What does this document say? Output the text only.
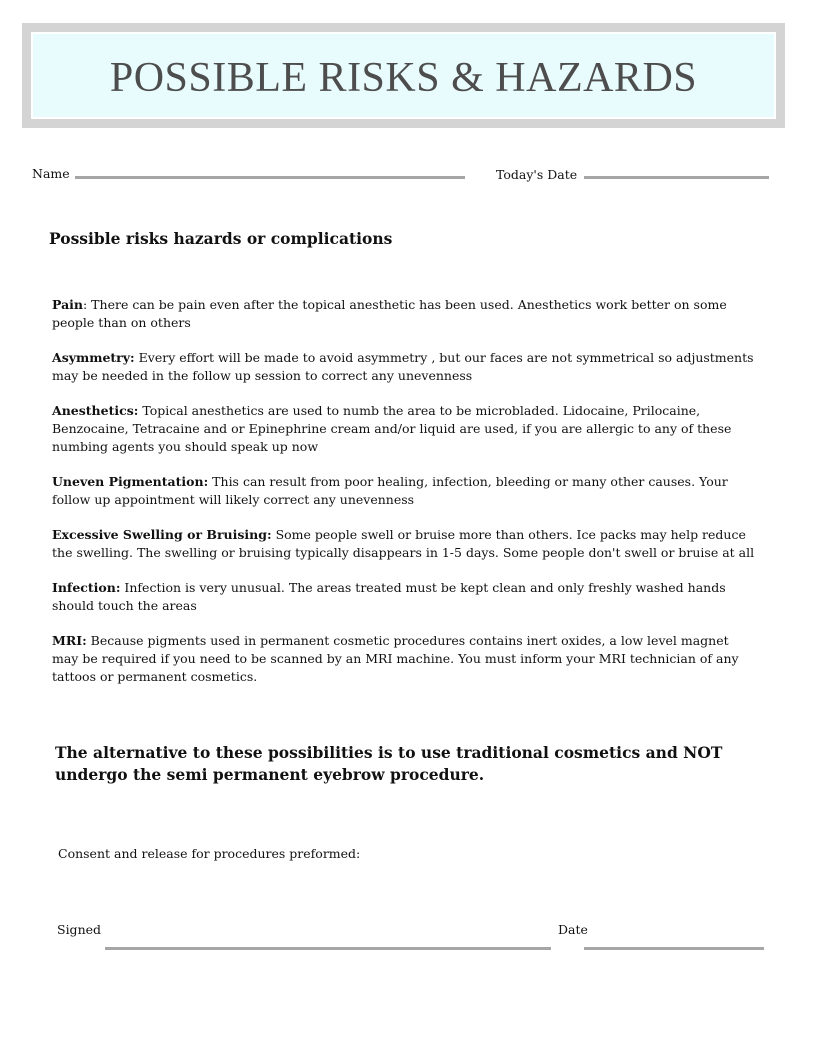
POSSIBLE RISKS & HAZARDS
Name	Today's Date
Possible risks hazards or complications

Pain: There can be pain even after the topical anesthetic has been used. Anesthetics work better on some people than on others

Asymmetry: Every effort will be made to avoid asymmetry , but our faces are not symmetrical so adjustments may be needed in the follow up session to correct any unevenness

Anesthetics: Topical anesthetics are used to numb the area to be microbladed. Lidocaine, Prilocaine, Benzocaine, Tetracaine and or Epinephrine cream and/or liquid are used, if you are allergic to any of these numbing agents you should speak up now

Uneven Pigmentation: This can result from poor healing, infection, bleeding or many other causes. Your follow up appointment will likely correct any unevenness

Excessive Swelling or Bruising: Some people swell or bruise more than others. Ice packs may help reduce the swelling. The swelling or bruising typically disappears in 1-5 days. Some people don't swell or bruise at all

Infection: Infection is very unusual. The areas treated must be kept clean and only freshly washed hands should touch the areas

MRI: Because pigments used in permanent cosmetic procedures contains inert oxides, a low level magnet may be required if you need to be scanned by an MRI machine. You must inform your MRI technician of any tattoos or permanent cosmetics.

The alternative to these possibilities is to use traditional cosmetics and NOT undergo the semi permanent eyebrow procedure.
Consent and release for procedures preformed:
Signed	Date
